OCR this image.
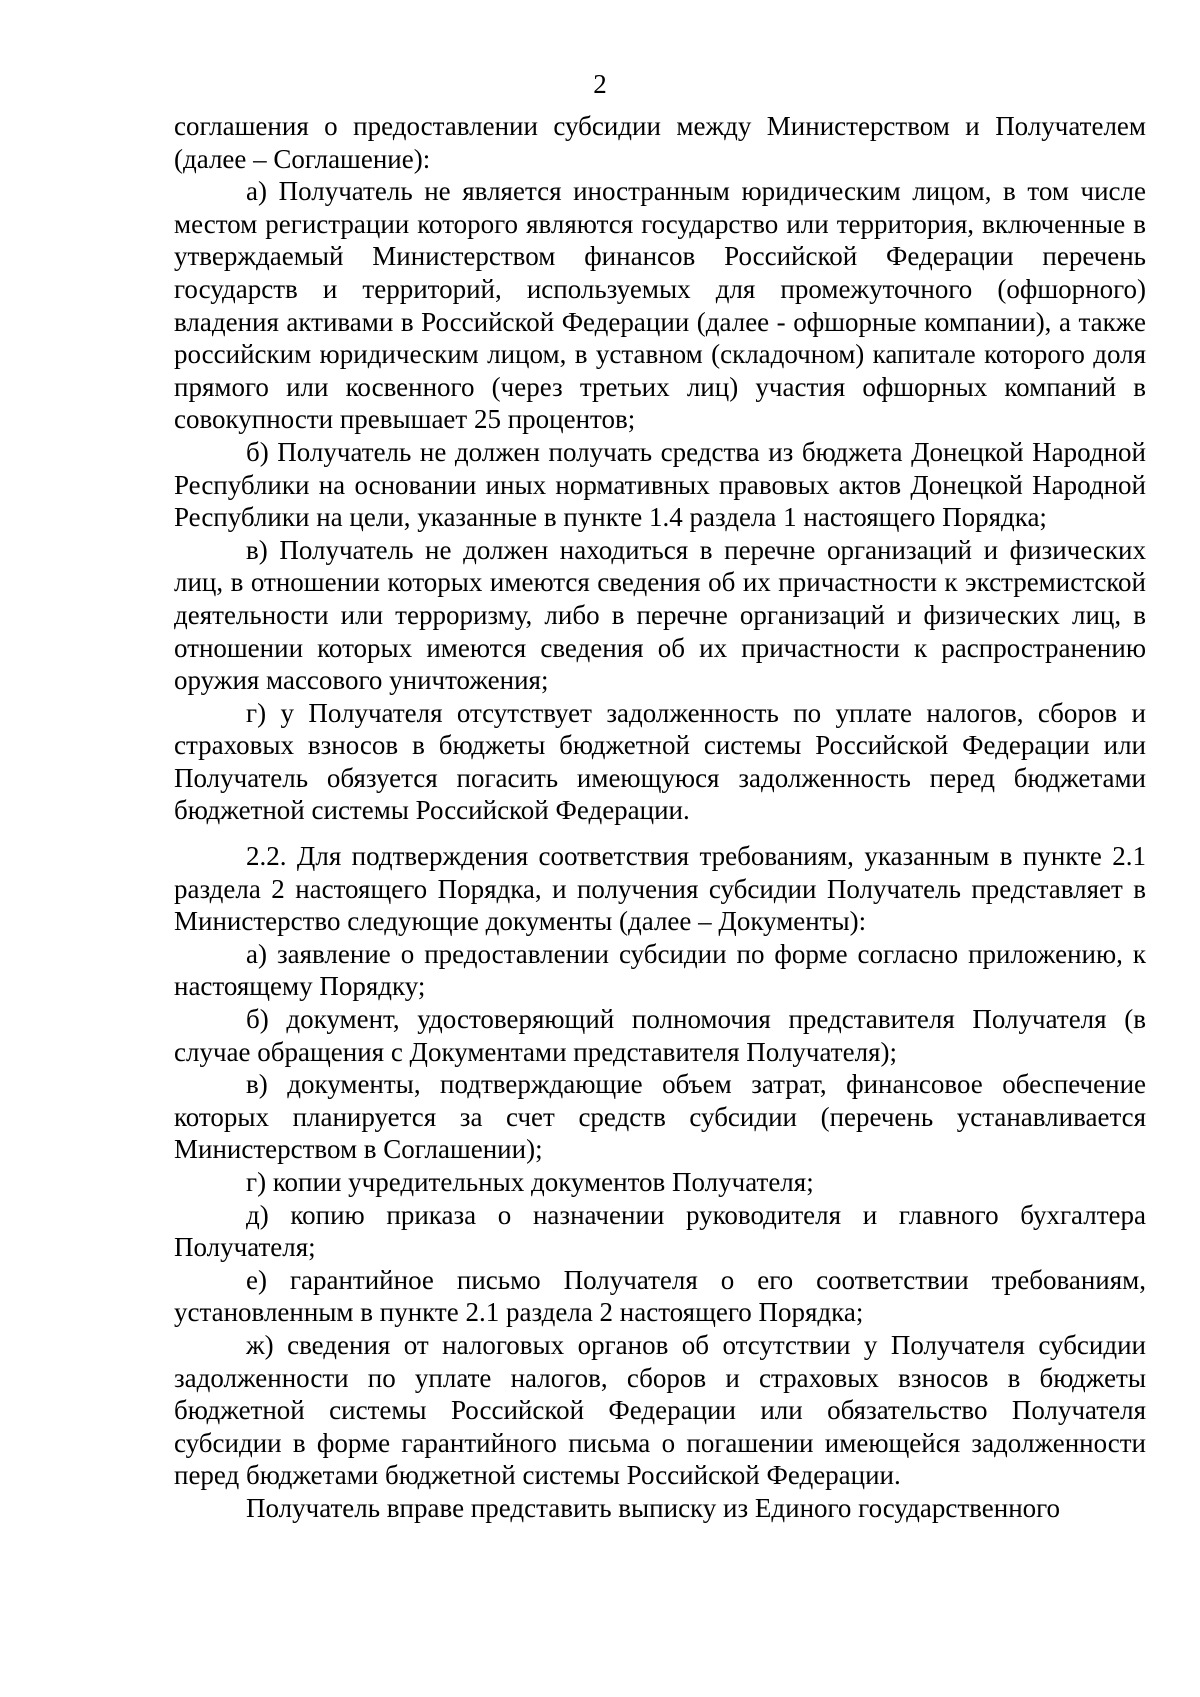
2

соглашения о предоставлении субсидии между Министерством и Получателем (далее – Соглашение):

а) Получатель не является иностранным юридическим лицом, в том числе местом регистрации которого являются государство или территория, включенные в утверждаемый Министерством финансов Российской Федерации перечень государств и территорий, используемых для промежуточного (офшорного) владения активами в Российской Федерации (далее - офшорные компании), а также российским юридическим лицом, в уставном (складочном) капитале которого доля прямого или косвенного (через третьих лиц) участия офшорных компаний в совокупности превышает 25 процентов;

б) Получатель не должен получать средства из бюджета Донецкой Народной Республики на основании иных нормативных правовых актов Донецкой Народной Республики на цели, указанные в пункте 1.4 раздела 1 настоящего Порядка;

в) Получатель не должен находиться в перечне организаций и физических лиц, в отношении которых имеются сведения об их причастности к экстремистской деятельности или терроризму, либо в перечне организаций и физических лиц, в отношении которых имеются сведения об их причастности к распространению оружия массового уничтожения;

г) у Получателя отсутствует задолженность по уплате налогов, сборов и страховых взносов в бюджеты бюджетной системы Российской Федерации или Получатель обязуется погасить имеющуюся задолженность перед бюджетами бюджетной системы Российской Федерации.

2.2. Для подтверждения соответствия требованиям, указанным в пункте 2.1 раздела 2 настоящего Порядка, и получения субсидии Получатель представляет в Министерство следующие документы (далее – Документы):

а) заявление о предоставлении субсидии по форме согласно приложению, к настоящему Порядку;

б) документ, удостоверяющий полномочия представителя Получателя (в случае обращения с Документами представителя Получателя);

в) документы, подтверждающие объем затрат, финансовое обеспечение которых планируется за счет средств субсидии (перечень устанавливается Министерством в Соглашении);

г) копии учредительных документов Получателя;

д) копию приказа о назначении руководителя и главного бухгалтера Получателя;

е) гарантийное письмо Получателя о его соответствии требованиям, установленным в пункте 2.1 раздела 2 настоящего Порядка;

ж) сведения от налоговых органов об отсутствии у Получателя субсидии задолженности по уплате налогов, сборов и страховых взносов в бюджеты бюджетной системы Российской Федерации или обязательство Получателя субсидии в форме гарантийного письма о погашении имеющейся задолженности перед бюджетами бюджетной системы Российской Федерации.

Получатель вправе представить выписку из Единого государственного
